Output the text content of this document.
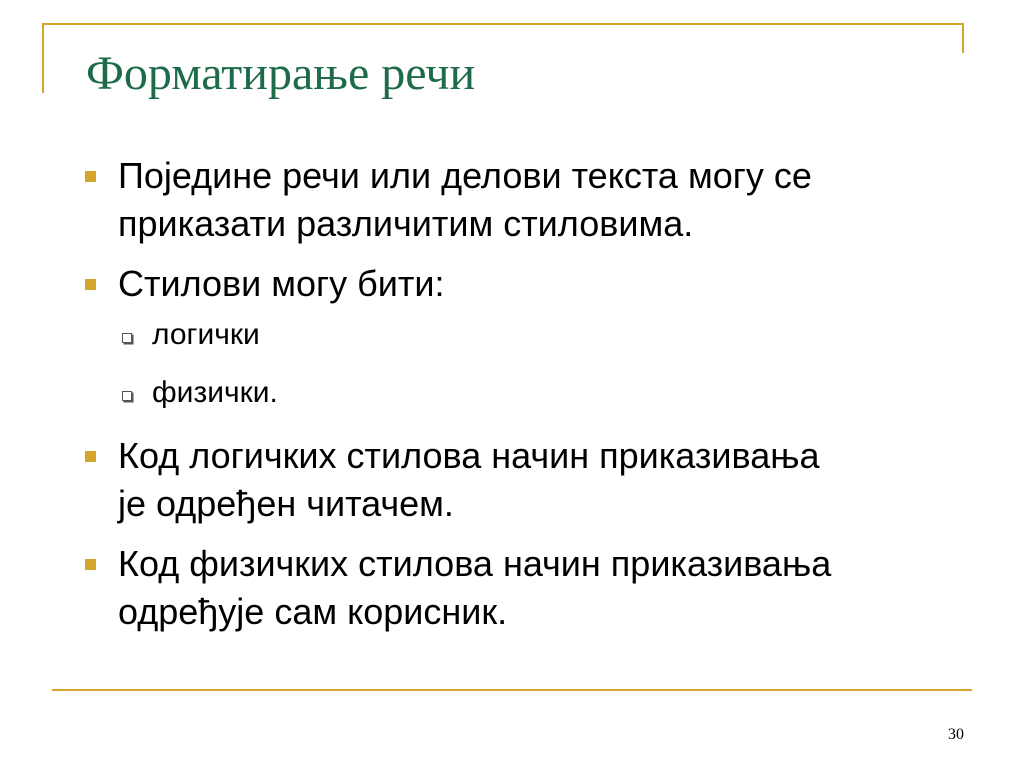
Форматирање речи
Поједине речи или делови текста могу се
приказати различитим стиловима.
Стилови могу бити:
логички
физички.
Код логичких стилова начин приказивања
је одређен читачем.
Код физичких стилова начин приказивања
одређује сам корисник.
30
